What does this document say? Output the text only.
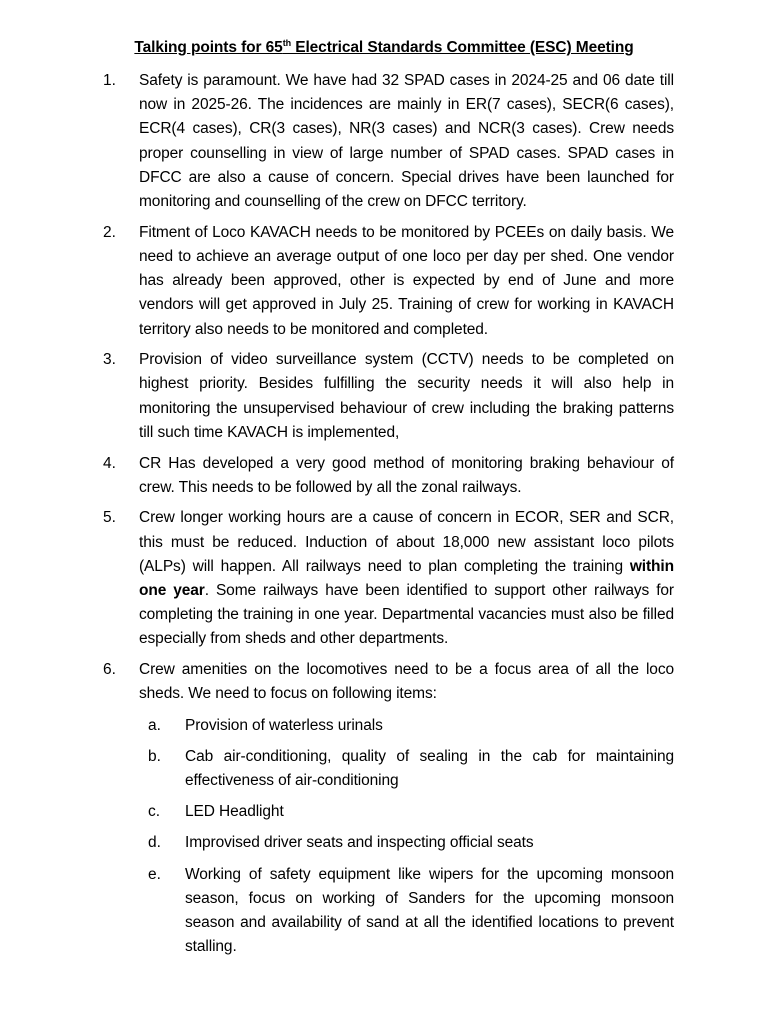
Talking points for 65th Electrical Standards Committee (ESC) Meeting
1. Safety is paramount. We have had 32 SPAD cases in 2024-25 and 06 date till now in 2025-26. The incidences are mainly in ER(7 cases), SECR(6 cases), ECR(4 cases), CR(3 cases), NR(3 cases) and NCR(3 cases). Crew needs proper counselling in view of large number of SPAD cases. SPAD cases in DFCC are also a cause of concern. Special drives have been launched for monitoring and counselling of the crew on DFCC territory.
2. Fitment of Loco KAVACH needs to be monitored by PCEEs on daily basis. We need to achieve an average output of one loco per day per shed. One vendor has already been approved, other is expected by end of June and more vendors will get approved in July 25. Training of crew for working in KAVACH territory also needs to be monitored and completed.
3. Provision of video surveillance system (CCTV) needs to be completed on highest priority. Besides fulfilling the security needs it will also help in monitoring the unsupervised behaviour of crew including the braking patterns till such time KAVACH is implemented,
4. CR Has developed a very good method of monitoring braking behaviour of crew. This needs to be followed by all the zonal railways.
5. Crew longer working hours are a cause of concern in ECOR, SER and SCR, this must be reduced. Induction of about 18,000 new assistant loco pilots (ALPs) will happen. All railways need to plan completing the training within one year. Some railways have been identified to support other railways for completing the training in one year. Departmental vacancies must also be filled especially from sheds and other departments.
6. Crew amenities on the locomotives need to be a focus area of all the loco sheds. We need to focus on following items:
a. Provision of waterless urinals
b. Cab air-conditioning, quality of sealing in the cab for maintaining effectiveness of air-conditioning
c. LED Headlight
d. Improvised driver seats and inspecting official seats
e. Working of safety equipment like wipers for the upcoming monsoon season, focus on working of Sanders for the upcoming monsoon season and availability of sand at all the identified locations to prevent stalling.
